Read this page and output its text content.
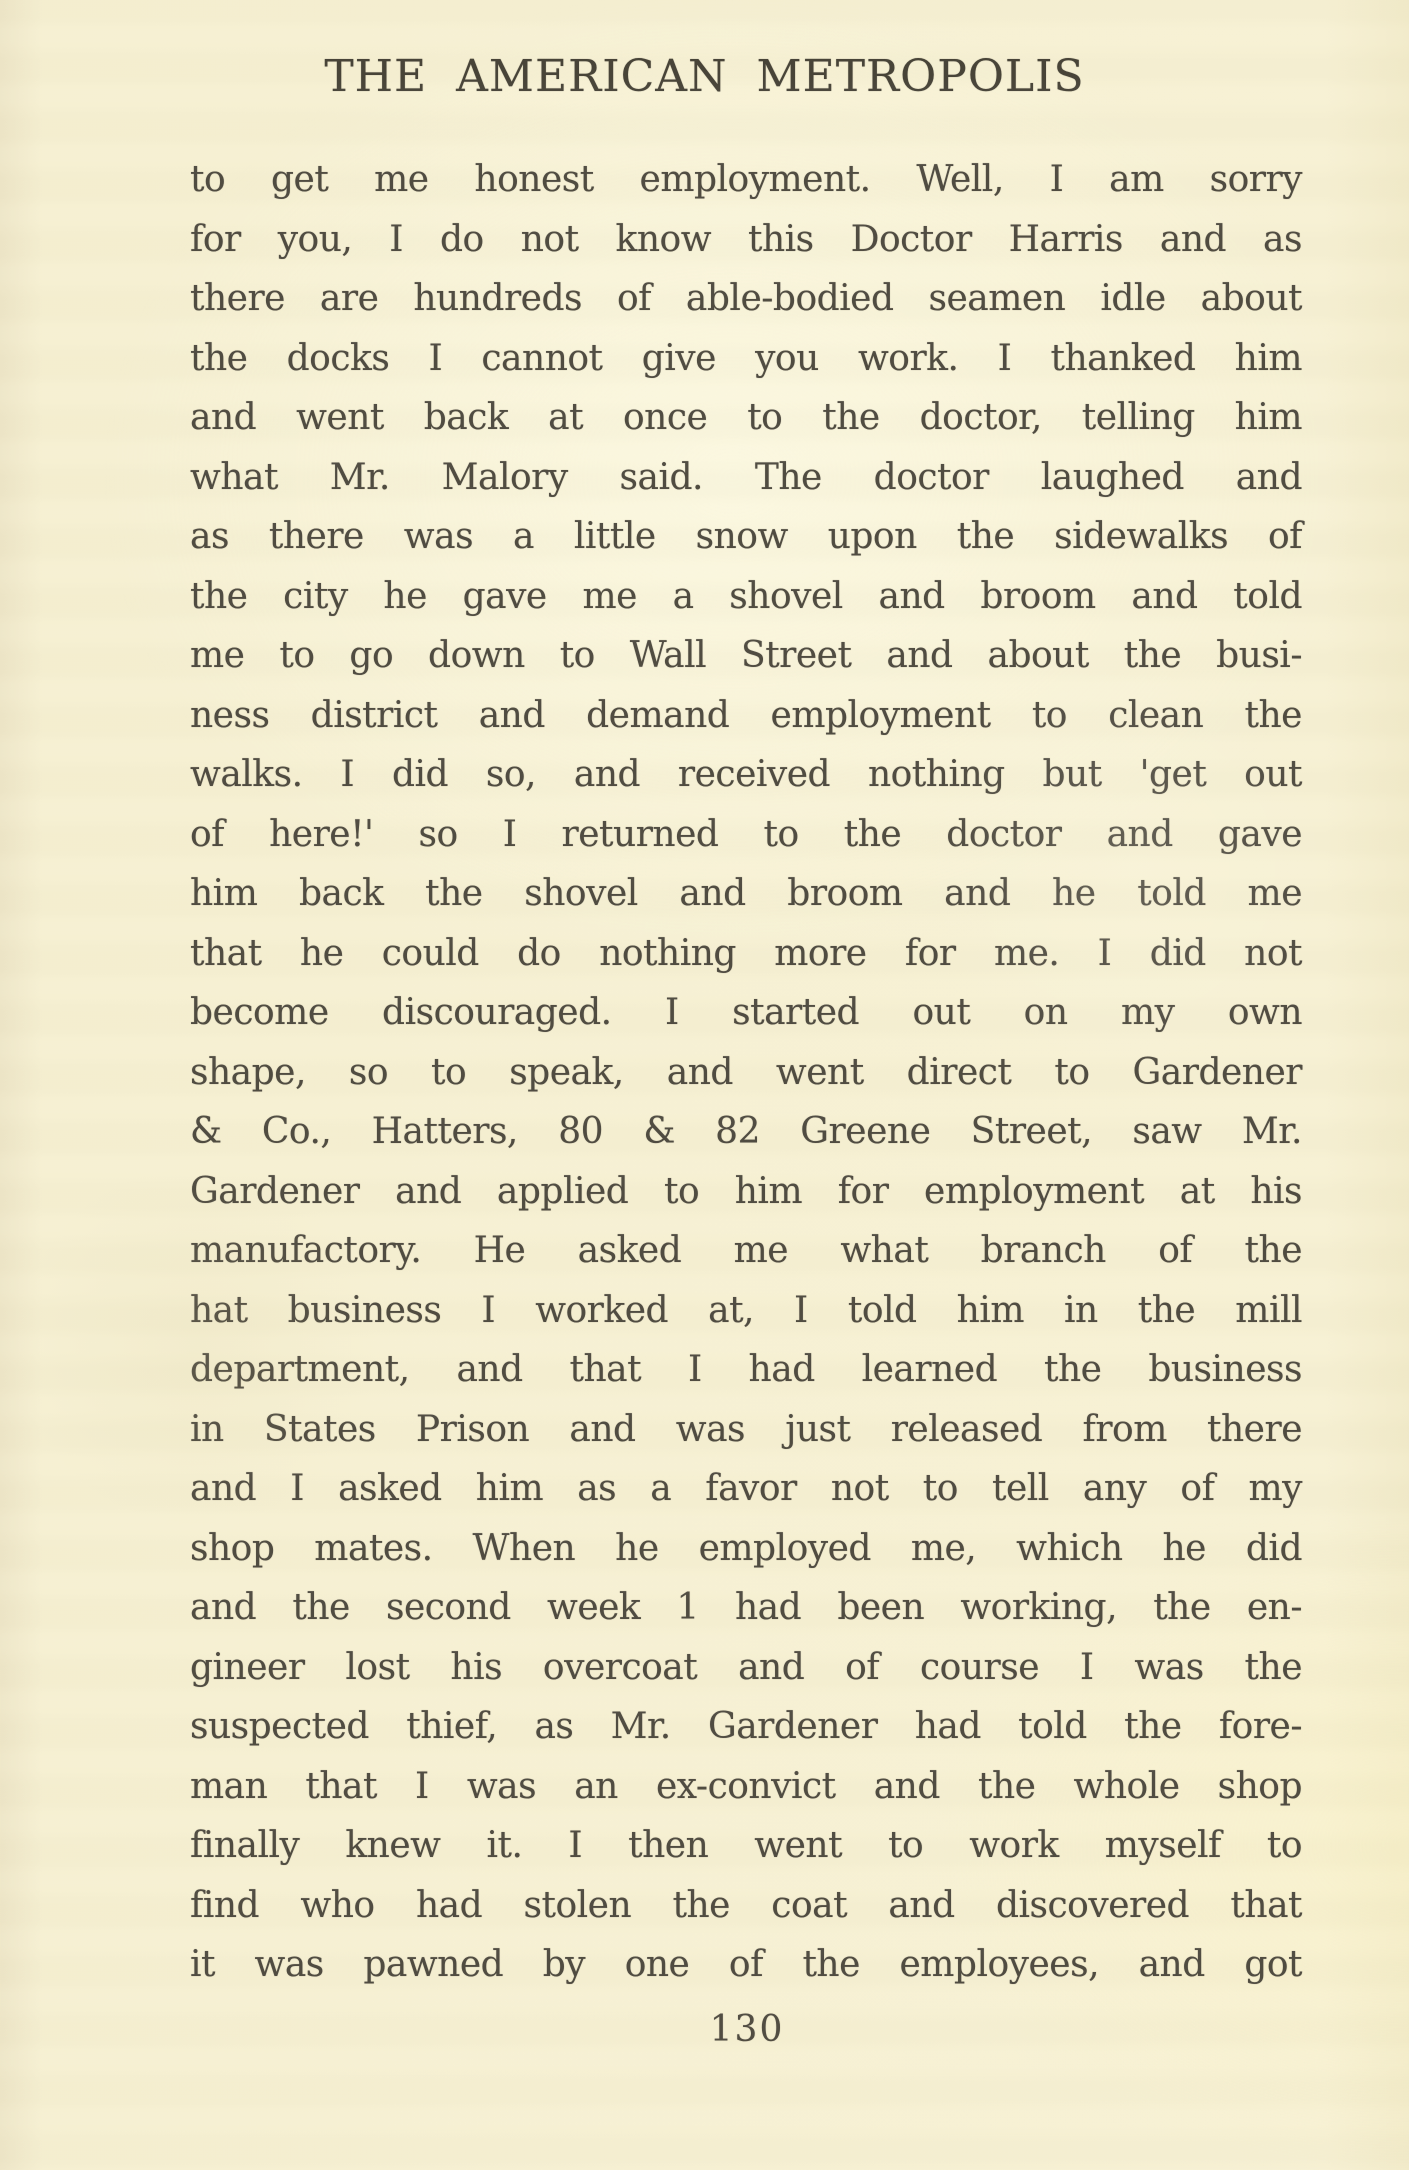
THE AMERICAN METROPOLIS
to get me honest employment. Well, I am sorry
for you, I do not know this Doctor Harris and as
there are hundreds of able-bodied seamen idle about
the docks I cannot give you work. I thanked him
and went back at once to the doctor, telling him
what Mr. Malory said. The doctor laughed and
as there was a little snow upon the sidewalks of
the city he gave me a shovel and broom and told
me to go down to Wall Street and about the busi-
ness district and demand employment to clean the
walks. I did so, and received nothing but 'get out
of here!' so I returned to the doctor and gave
him back the shovel and broom and he told me
that he could do nothing more for me. I did not
become discouraged. I started out on my own
shape, so to speak, and went direct to Gardener
& Co., Hatters, 80 & 82 Greene Street, saw Mr.
Gardener and applied to him for employment at his
manufactory. He asked me what branch of the
hat business I worked at, I told him in the mill
department, and that I had learned the business
in States Prison and was just released from there
and I asked him as a favor not to tell any of my
shop mates. When he employed me, which he did
and the second week 1 had been working, the en-
gineer lost his overcoat and of course I was the
suspected thief, as Mr. Gardener had told the fore-
man that I was an ex-convict and the whole shop
finally knew it. I then went to work myself to
find who had stolen the coat and discovered that
it was pawned by one of the employees, and got
130
